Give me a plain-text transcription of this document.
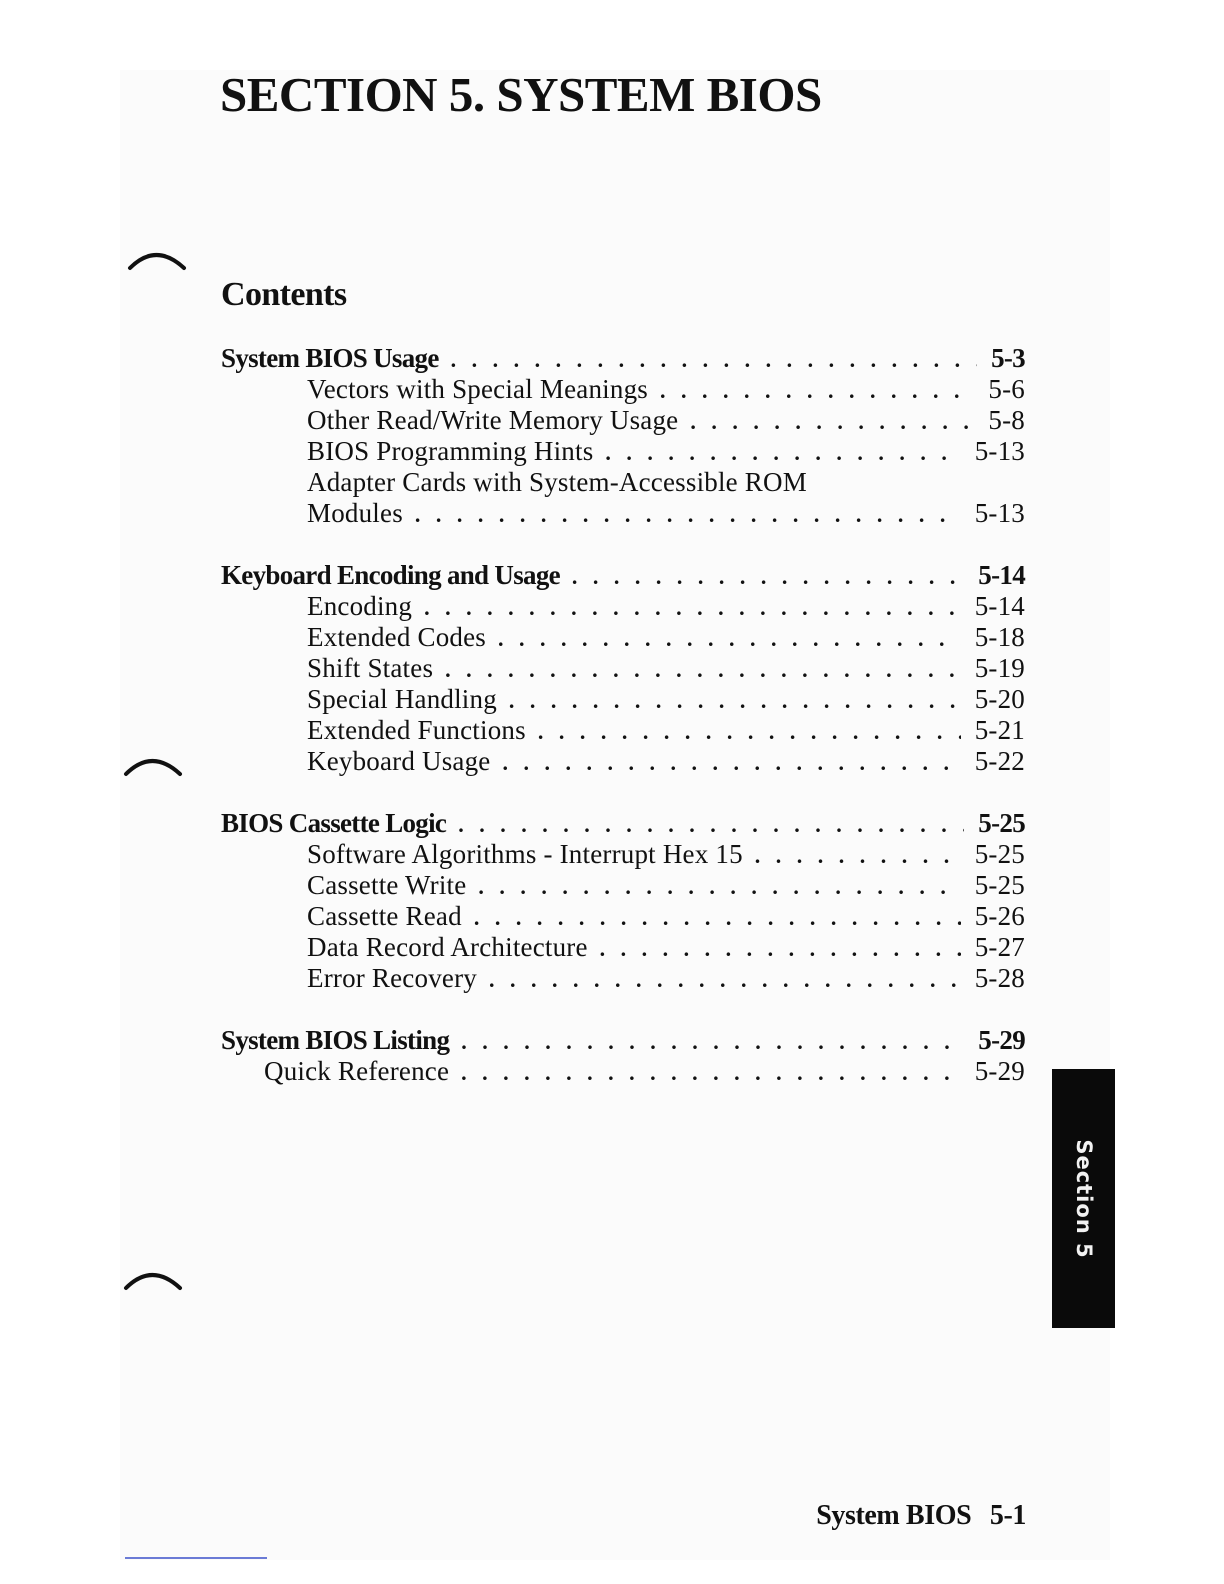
SECTION 5. SYSTEM BIOS
Contents
System BIOS Usage . . .	5-3
Vectors with Special Meanings . . .	5-6
Other Read/Write Memory Usage . . .	5-8
BIOS Programming Hints . . .	5-13
Adapter Cards with System-Accessible ROM
Modules . . .	5-13
Keyboard Encoding and Usage . . .	5-14
Encoding . . .	5-14
Extended Codes . . .	5-18
Shift States . . .	5-19
Special Handling . . .	5-20
Extended Functions . . .	5-21
Keyboard Usage . . .	5-22
BIOS Cassette Logic . . .	5-25
Software Algorithms - Interrupt Hex 15 . . .	5-25
Cassette Write . . .	5-25
Cassette Read . . .	5-26
Data Record Architecture . . .	5-27
Error Recovery . . .	5-28
System BIOS Listing . . .	5-29
Quick Reference . . .	5-29
Section 5
System BIOS 5-1
